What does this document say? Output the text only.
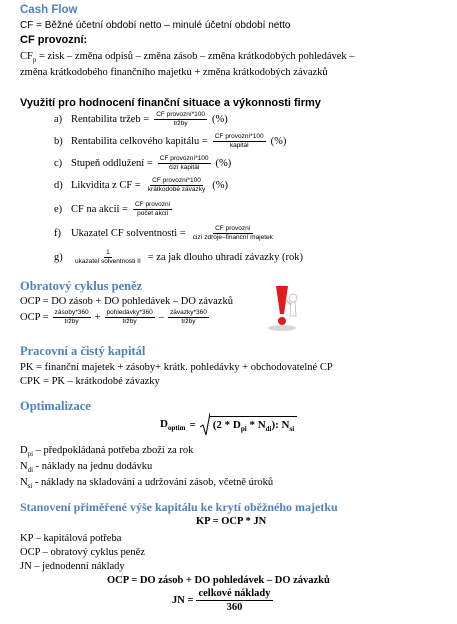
Cash Flow
CF = Běžné účetní období netto – minulé účetní období netto
CF provozní:
$CF_p$ = zisk – změna odpisů – změna zásob – změna krátkodobých pohledávek –
změna krátkodobého finančního majetku + změna krátkodobých závazků
Využití pro hodnocení finanční situace a výkonnosti firmy
a) Rentabilita tržeb = $\frac{\text{CF provozní*100}}{\text{tržby}}$ (%)
b) Rentabilita celkového kapitálu = $\frac{\text{CF provozní*100}}{\text{kapitál}}$ (%)
c) Stupeň oddlužení = $\frac{\text{CF provozní*100}}{\text{cizí kapitál}}$ (%)
d) Likvidita z CF = $\frac{\text{CF provozní*100}}{\text{krátkodobé závazky}}$ (%)
e) CF na akcii = $\frac{\text{CF provozní}}{\text{počet akcií}}$
f) Ukazatel CF solventnosti = $\frac{\text{CF provozní}}{\text{cizí zdroje–finanční majetek}}$
g)	$\frac{1}{\text{ukazatel solventnosti II}}$ = za jak dlouho uhradí závazky (rok)
Obratový cyklus peněz
OCP = DO zásob + DO pohledávek – DO závazků
OCP = $\frac{\text{zásoby*360}}{\text{tržby}} + \frac{\text{pohledávky*360}}{\text{tržby}} - \frac{\text{závazky*360}}{\text{tržby}}$
Pracovní a čistý kapitál
PK = finanční majetek + zásoby+ krátk. pohledávky + obchodovatelné CP
CPK = PK – krátkodobé závazky
Optimalizace
$D_{optim} = (2 * D_{pi} * N_{di})$: $N_{si}$
$D_{pi}$ – předpokládaná potřeba zboží za rok
$N_{di}$ - náklady na jednu dodávku
$N_{si}$ - náklady na skladování a udržování zásob, včetně úroků
Stanovení přiměřené výše kapitálu ke krytí oběžného majetku
KP = OCP * JN
KP – kapitálová potřeba
OCP – obratový cyklus peněz
JN – jednodenní náklady
OCP = DO zásob + DO pohledávek – DO závazků
JN = $\frac{\text{celkové náklady}}{360}$
